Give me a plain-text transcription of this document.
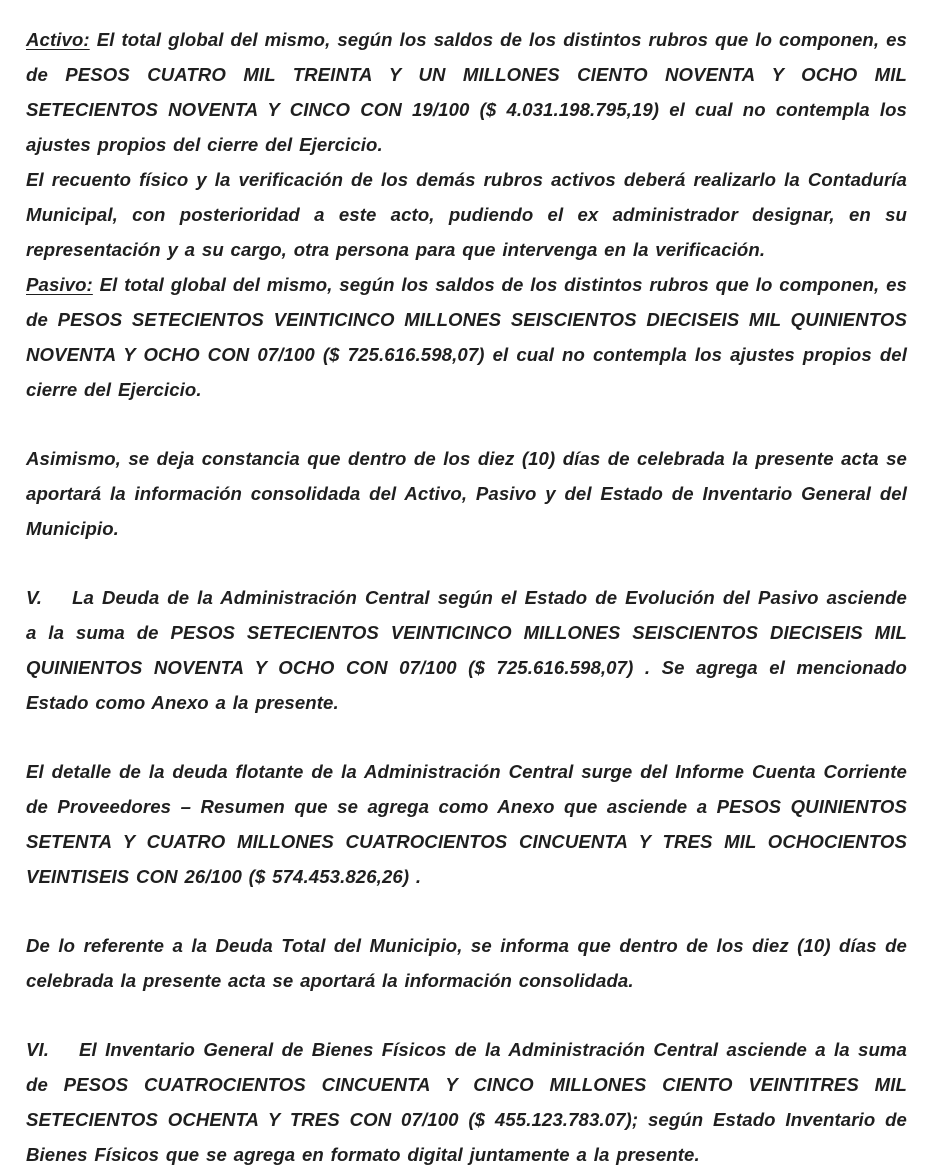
Activo: El total global del mismo, según los saldos de los distintos rubros que lo componen, es de PESOS CUATRO MIL TREINTA Y UN MILLONES CIENTO NOVENTA Y OCHO MIL SETECIENTOS NOVENTA Y CINCO CON 19/100 ($ 4.031.198.795,19) el cual no contempla los ajustes propios del cierre del Ejercicio.

El recuento físico y la verificación de los demás rubros activos deberá realizarlo la Contaduría Municipal, con posterioridad a este acto, pudiendo el ex administrador designar, en su representación y a su cargo, otra persona para que intervenga en la verificación.

Pasivo: El total global del mismo, según los saldos de los distintos rubros que lo componen, es de PESOS SETECIENTOS VEINTICINCO MILLONES SEISCIENTOS DIECISEIS MIL QUINIENTOS NOVENTA Y OCHO CON 07/100 ($ 725.616.598,07) el cual no contempla los ajustes propios del cierre del Ejercicio.

Asimismo, se deja constancia que dentro de los diez (10) días de celebrada la presente acta se aportará la información consolidada del Activo, Pasivo y del Estado de Inventario General del Municipio.

V. La Deuda de la Administración Central según el Estado de Evolución del Pasivo asciende a la suma de PESOS SETECIENTOS VEINTICINCO MILLONES SEISCIENTOS DIECISEIS MIL QUINIENTOS NOVENTA Y OCHO CON 07/100 ($ 725.616.598,07) . Se agrega el mencionado Estado como Anexo a la presente.

El detalle de la deuda flotante de la Administración Central surge del Informe Cuenta Corriente de Proveedores – Resumen que se agrega como Anexo que asciende a PESOS QUINIENTOS SETENTA Y CUATRO MILLONES CUATROCIENTOS CINCUENTA Y TRES MIL OCHOCIENTOS VEINTISEIS CON 26/100 ($ 574.453.826,26) .

De lo referente a la Deuda Total del Municipio, se informa que dentro de los diez (10) días de celebrada la presente acta se aportará la información consolidada.

VI. El Inventario General de Bienes Físicos de la Administración Central asciende a la suma de PESOS CUATROCIENTOS CINCUENTA Y CINCO MILLONES CIENTO VEINTITRES MIL SETECIENTOS OCHENTA Y TRES CON 07/100 ($ 455.123.783.07); según Estado Inventario de Bienes Físicos que se agrega en formato digital juntamente a la presente.
